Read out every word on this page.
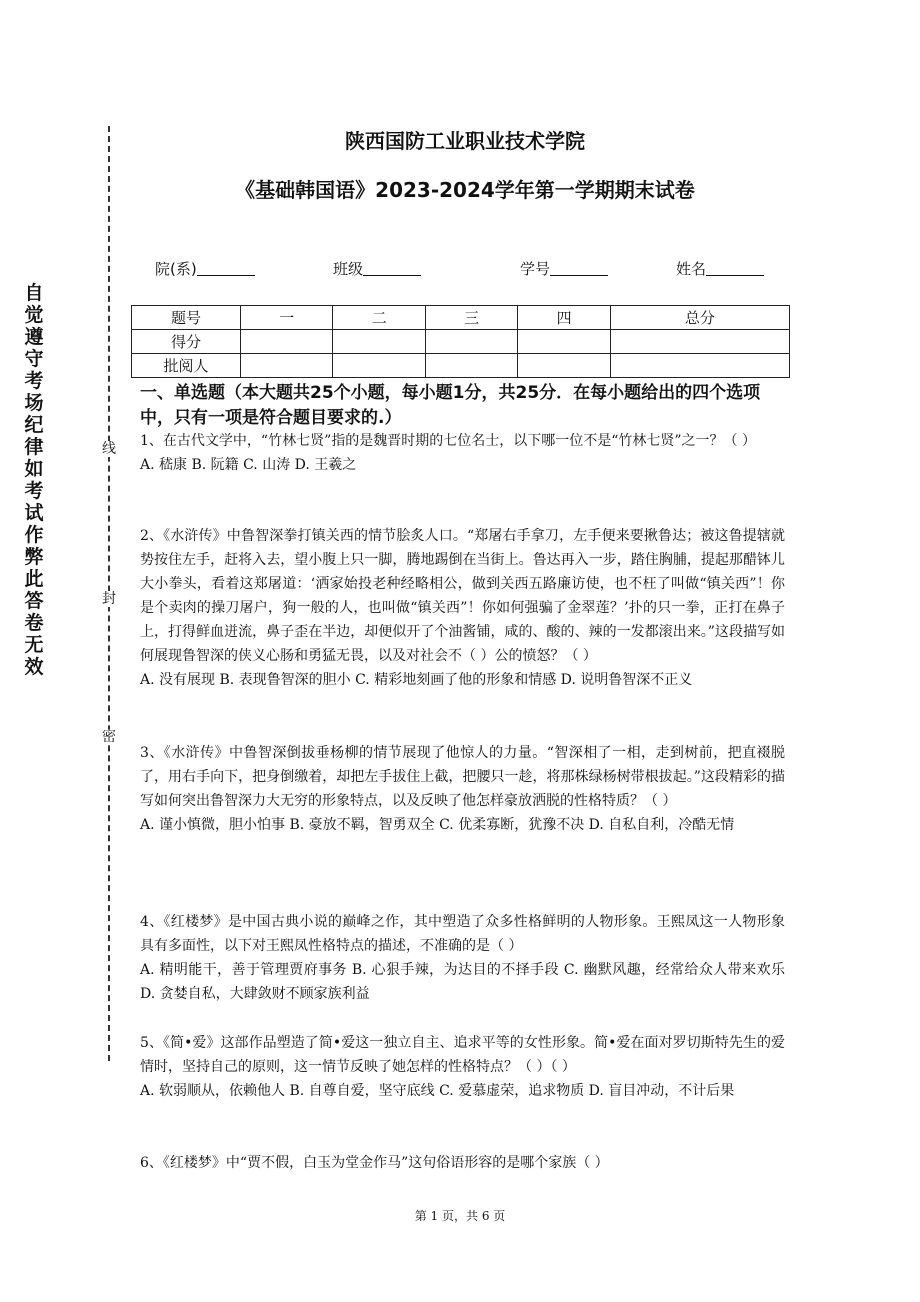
自觉遵守考场纪律如考试作弊此答卷无效
线
封
密
陕西国防工业职业技术学院
《基础韩国语》2023-2024学年第一学期期末试卷
院(系)	班级	学号	姓名
题号	一	二	三	四	总分
得分					
批阅人					
一、单选题（本大题共25个小题，每小题1分，共25分．在每小题给出的四个选项中，只有一项是符合题目要求的.）

1、在古代文学中，“竹林七贤”指的是魏晋时期的七位名士，以下哪一位不是“竹林七贤”之一？（ ）

A. 嵇康 B. 阮籍 C. 山涛 D. 王羲之

2、《水浒传》中鲁智深拳打镇关西的情节脍炙人口。“郑屠右手拿刀，左手便来要揪鲁达；被这鲁提辖就势按住左手，赶将入去，望小腹上只一脚，腾地踢倒在当街上。鲁达再入一步，踏住胸脯，提起那醋钵儿大小拳头，看着这郑屠道：‘洒家始投老种经略相公，做到关西五路廉访使，也不枉了叫做“镇关西”！你是个卖肉的操刀屠户，狗一般的人，也叫做“镇关西”！你如何强骗了金翠莲？’扑的只一拳，正打在鼻子上，打得鲜血迸流，鼻子歪在半边，却便似开了个油酱铺，咸的、酸的、辣的一发都滚出来。”这段描写如何展现鲁智深的侠义心肠和勇猛无畏，以及对社会不（ ）公的愤怒？（ ）

A. 没有展现 B. 表现鲁智深的胆小 C. 精彩地刻画了他的形象和情感 D. 说明鲁智深不正义

3、《水浒传》中鲁智深倒拔垂杨柳的情节展现了他惊人的力量。“智深相了一相，走到树前，把直裰脱了，用右手向下，把身倒缴着，却把左手拔住上截，把腰只一趁，将那株绿杨树带根拔起。”这段精彩的描写如何突出鲁智深力大无穷的形象特点，以及反映了他怎样豪放洒脱的性格特质？（ ）

A. 谨小慎微，胆小怕事 B. 豪放不羁，智勇双全 C. 优柔寡断，犹豫不决 D. 自私自利，冷酷无情

4、《红楼梦》是中国古典小说的巅峰之作，其中塑造了众多性格鲜明的人物形象。王熙凤这一人物形象具有多面性，以下对王熙凤性格特点的描述，不准确的是（ ）

A. 精明能干，善于管理贾府事务 B. 心狠手辣，为达目的不择手段 C. 幽默风趣，经常给众人带来欢乐 D. 贪婪自私，大肆敛财不顾家族利益

5、《简•爱》这部作品塑造了简•爱这一独立自主、追求平等的女性形象。简•爱在面对罗切斯特先生的爱情时，坚持自己的原则，这一情节反映了她怎样的性格特点？（ ）（ ）

A. 软弱顺从，依赖他人 B. 自尊自爱，坚守底线 C. 爱慕虚荣，追求物质 D. 盲目冲动，不计后果

6、《红楼梦》中“贾不假，白玉为堂金作马”这句俗语形容的是哪个家族（ ）

第 1 页，共 6 页
